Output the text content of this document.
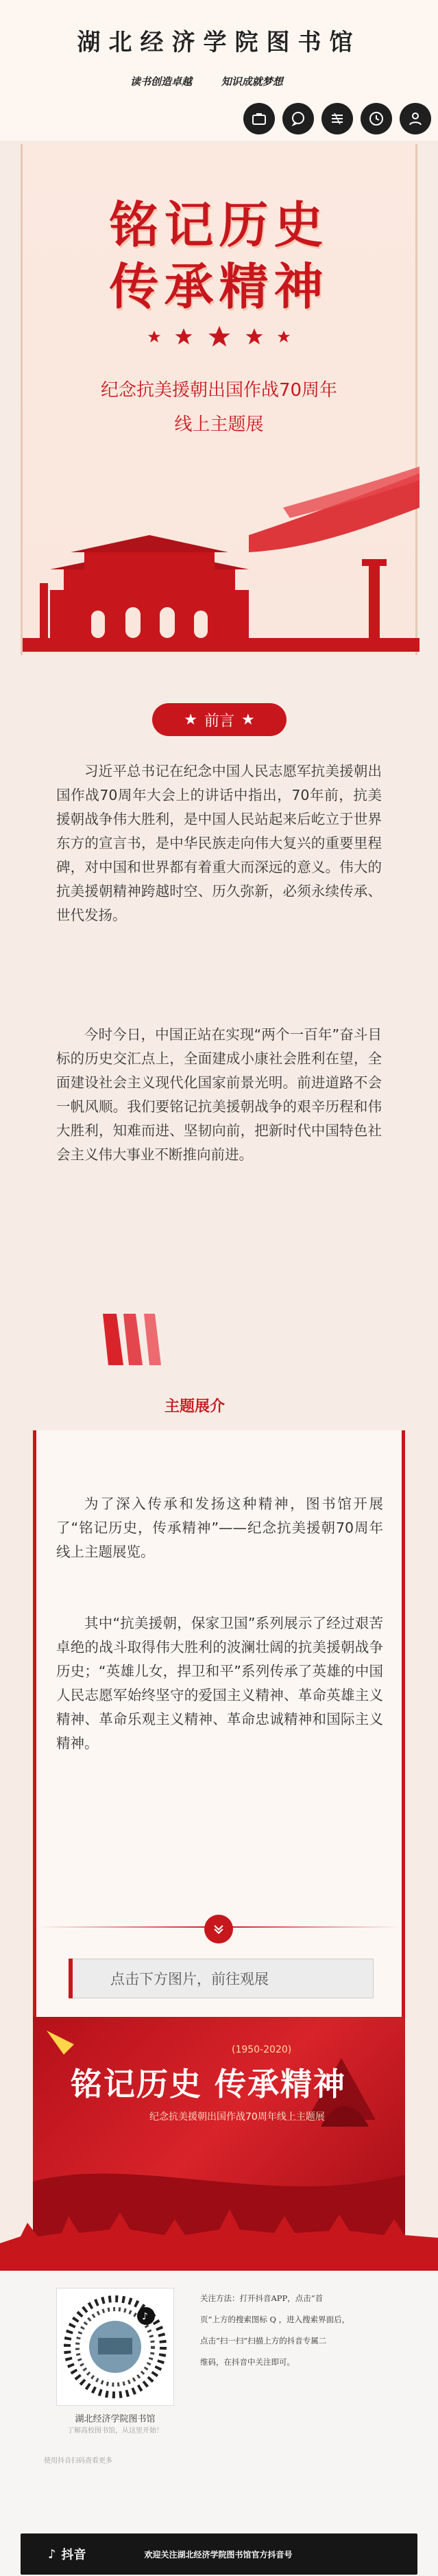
湖北经济学院图书馆
读书创造卓越	知识成就梦想
铭记历史
传承精神

纪念抗美援朝出国作战70周年
线上主题展
★ 前言 ★

习近平总书记在纪念中国人民志愿军抗美援朝出国作战70周年大会上的讲话中指出，70年前，抗美援朝战争伟大胜利，是中国人民站起来后屹立于世界东方的宣言书，是中华民族走向伟大复兴的重要里程碑，对中国和世界都有着重大而深远的意义。伟大的抗美援朝精神跨越时空、历久弥新，必须永续传承、世代发扬。

今时今日，中国正站在实现“两个一百年”奋斗目标的历史交汇点上，全面建成小康社会胜利在望，全面建设社会主义现代化国家前景光明。前进道路不会一帆风顺。我们要铭记抗美援朝战争的艰辛历程和伟大胜利，知难而进、坚韧向前，把新时代中国特色社会主义伟大事业不断推向前进。

主题展介

为了深入传承和发扬这种精神，图书馆开展了“铭记历史，传承精神”——纪念抗美援朝70周年线上主题展览。

其中“抗美援朝，保家卫国”系列展示了经过艰苦卓绝的战斗取得伟大胜利的波澜壮阔的抗美援朝战争历史；“英雄儿女，捍卫和平”系列传承了英雄的中国人民志愿军始终坚守的爱国主义精神、革命英雄主义精神、革命乐观主义精神、革命忠诚精神和国际主义精神。

点击下方图片，前往观展
(1950-2020)
铭记历史 传承精神
纪念抗美援朝出国作战70周年线上主题展
♪
湖北经济学院图书馆
了解高校图书馆，从这里开始！
使用抖音扫码查看更多
关注方法：打开抖音APP，点击“首
页”上方的搜索图标 Q ，进入搜索界面后，
点击“扫一扫”扫描上方的抖音专属二
维码，在抖音中关注即可。
♪ 抖音	欢迎关注湖北经济学院图书馆官方抖音号
